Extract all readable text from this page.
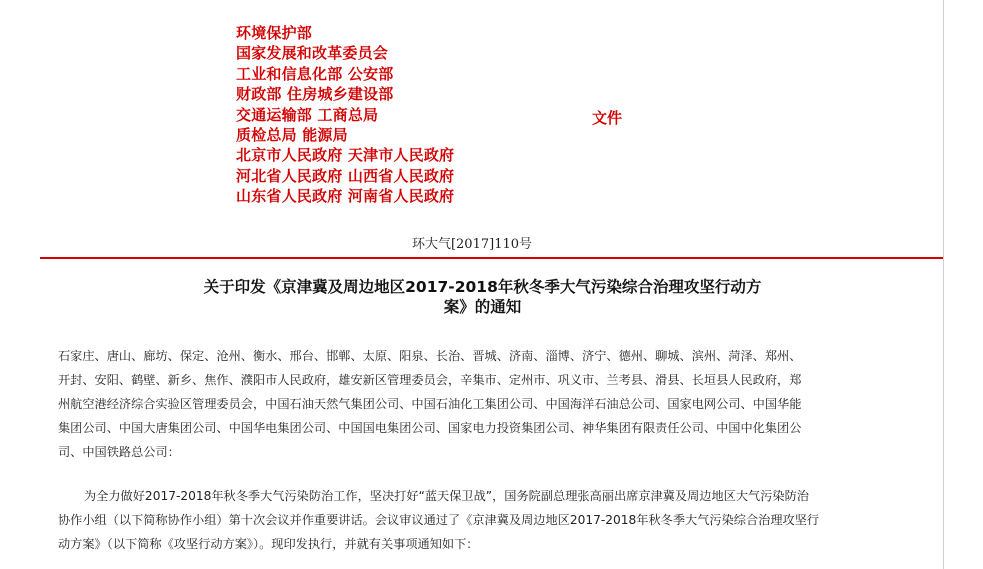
环境保护部
国家发展和改革委员会
工业和信息化部 公安部
财政部 住房城乡建设部
交通运输部 工商总局
质检总局 能源局
北京市人民政府 天津市人民政府
河北省人民政府 山西省人民政府
山东省人民政府 河南省人民政府
文件
环大气[2017]110号
关于印发《京津冀及周边地区2017-2018年秋冬季大气污染综合治理攻坚行动方
案》的通知
石家庄、唐山、廊坊、保定、沧州、衡水、邢台、邯郸、太原、阳泉、长治、晋城、济南、淄博、济宁、德州、聊城、滨州、菏泽、郑州、
开封、安阳、鹤壁、新乡、焦作、濮阳市人民政府，雄安新区管理委员会，辛集市、定州市、巩义市、兰考县、滑县、长垣县人民政府，郑
州航空港经济综合实验区管理委员会，中国石油天然气集团公司、中国石油化工集团公司、中国海洋石油总公司、国家电网公司、中国华能
集团公司、中国大唐集团公司、中国华电集团公司、中国国电集团公司、国家电力投资集团公司、神华集团有限责任公司、中国中化集团公
司、中国铁路总公司：
为全力做好2017-2018年秋冬季大气污染防治工作，坚决打好“蓝天保卫战”，国务院副总理张高丽出席京津冀及周边地区大气污染防治
协作小组（以下简称协作小组）第十次会议并作重要讲话。会议审议通过了《京津冀及周边地区2017-2018年秋冬季大气污染综合治理攻坚行
动方案》（以下简称《攻坚行动方案》）。现印发执行，并就有关事项通知如下：
